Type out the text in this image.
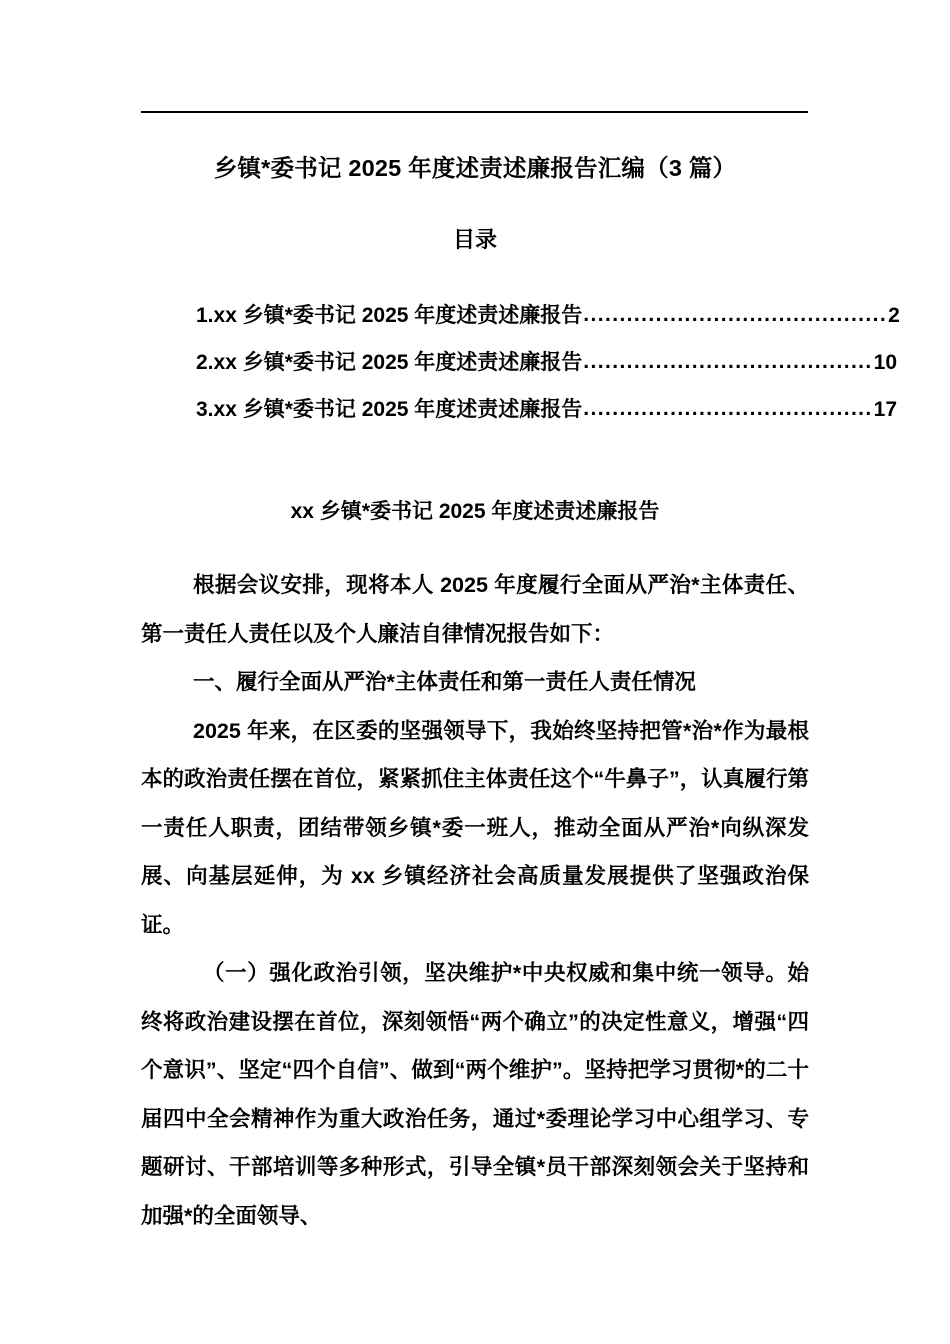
乡镇*委书记 2025 年度述责述廉报告汇编（3 篇）
目录
1.xx 乡镇*委书记 2025 年度述责述廉报告 .......................................... 2
2.xx 乡镇*委书记 2025 年度述责述廉报告 ........................................ 10
3.xx 乡镇*委书记 2025 年度述责述廉报告 ........................................ 17
xx 乡镇*委书记 2025 年度述责述廉报告

根据会议安排，现将本人 2025 年度履行全面从严治*主体责任、第一责任人责任以及个人廉洁自律情况报告如下：

一、履行全面从严治*主体责任和第一责任人责任情况

2025 年来，在区委的坚强领导下，我始终坚持把管*治*作为最根本的政治责任摆在首位，紧紧抓住主体责任这个“牛鼻子”，认真履行第一责任人职责，团结带领乡镇*委一班人，推动全面从严治*向纵深发展、向基层延伸，为 xx 乡镇经济社会高质量发展提供了坚强政治保证。

（一）强化政治引领，坚决维护*中央权威和集中统一领导。始终将政治建设摆在首位，深刻领悟“两个确立”的决定性意义，增强“四个意识”、坚定“四个自信”、做到“两个维护”。坚持把学习贯彻*的二十届四中全会精神作为重大政治任务，通过*委理论学习中心组学习、专题研讨、干部培训等多种形式，引导全镇*员干部深刻领会关于坚持和加强*的全面领导、
